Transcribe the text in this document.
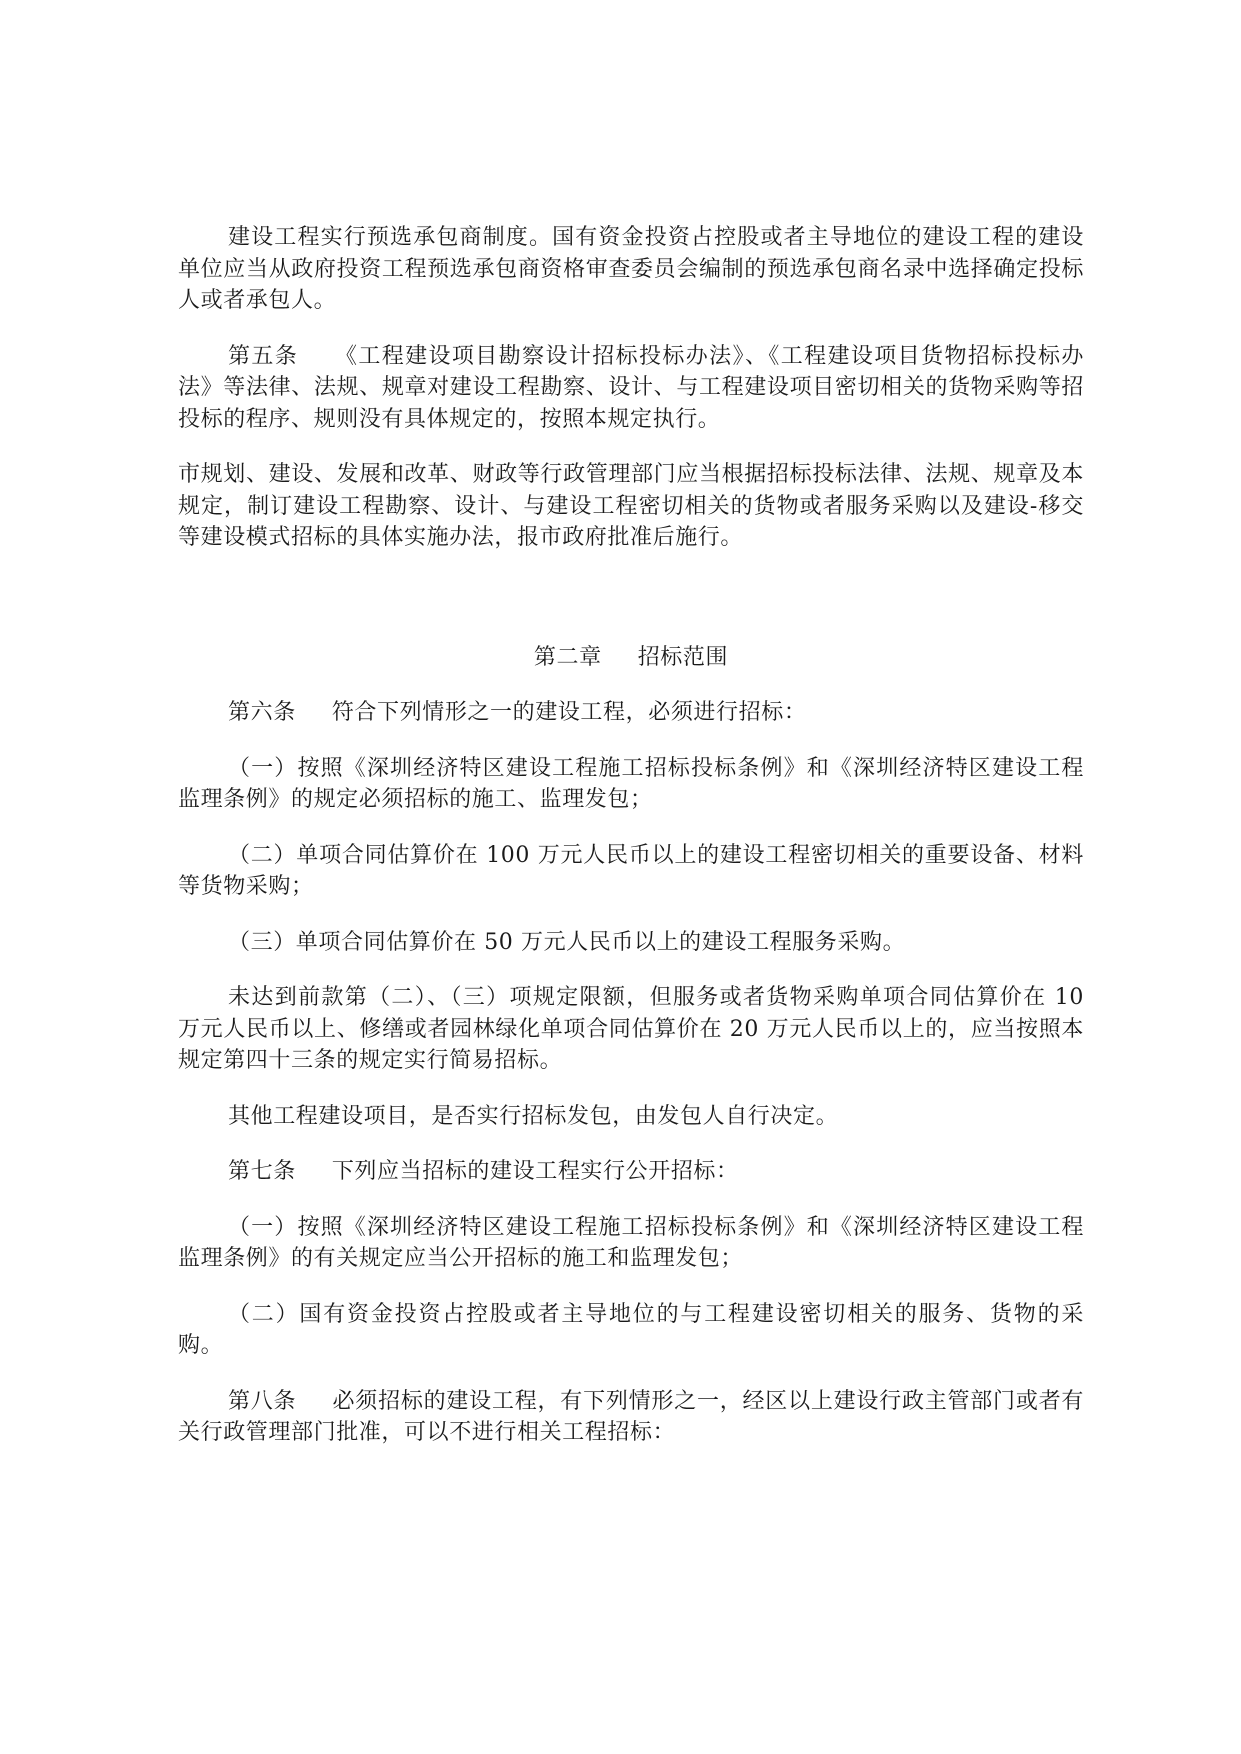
建设工程实行预选承包商制度。国有资金投资占控股或者主导地位的建设工程的建设单位应当从政府投资工程预选承包商资格审查委员会编制的预选承包商名录中选择确定投标人或者承包人。

第五条 《工程建设项目勘察设计招标投标办法》、《工程建设项目货物招标投标办法》等法律、法规、规章对建设工程勘察、设计、与工程建设项目密切相关的货物采购等招投标的程序、规则没有具体规定的，按照本规定执行。

市规划、建设、发展和改革、财政等行政管理部门应当根据招标投标法律、法规、规章及本规定，制订建设工程勘察、设计、与建设工程密切相关的货物或者服务采购以及建设-移交等建设模式招标的具体实施办法，报市政府批准后施行。

第二章 招标范围

第六条 符合下列情形之一的建设工程，必须进行招标：

（一）按照《深圳经济特区建设工程施工招标投标条例》和《深圳经济特区建设工程监理条例》的规定必须招标的施工、监理发包；

（二）单项合同估算价在 100 万元人民币以上的建设工程密切相关的重要设备、材料等货物采购；

（三）单项合同估算价在 50 万元人民币以上的建设工程服务采购。

未达到前款第（二）、（三）项规定限额，但服务或者货物采购单项合同估算价在 10 万元人民币以上、修缮或者园林绿化单项合同估算价在 20 万元人民币以上的，应当按照本规定第四十三条的规定实行简易招标。

其他工程建设项目，是否实行招标发包，由发包人自行决定。

第七条 下列应当招标的建设工程实行公开招标：

（一）按照《深圳经济特区建设工程施工招标投标条例》和《深圳经济特区建设工程监理条例》的有关规定应当公开招标的施工和监理发包；

（二）国有资金投资占控股或者主导地位的与工程建设密切相关的服务、货物的采购。

第八条 必须招标的建设工程，有下列情形之一，经区以上建设行政主管部门或者有关行政管理部门批准，可以不进行相关工程招标：
